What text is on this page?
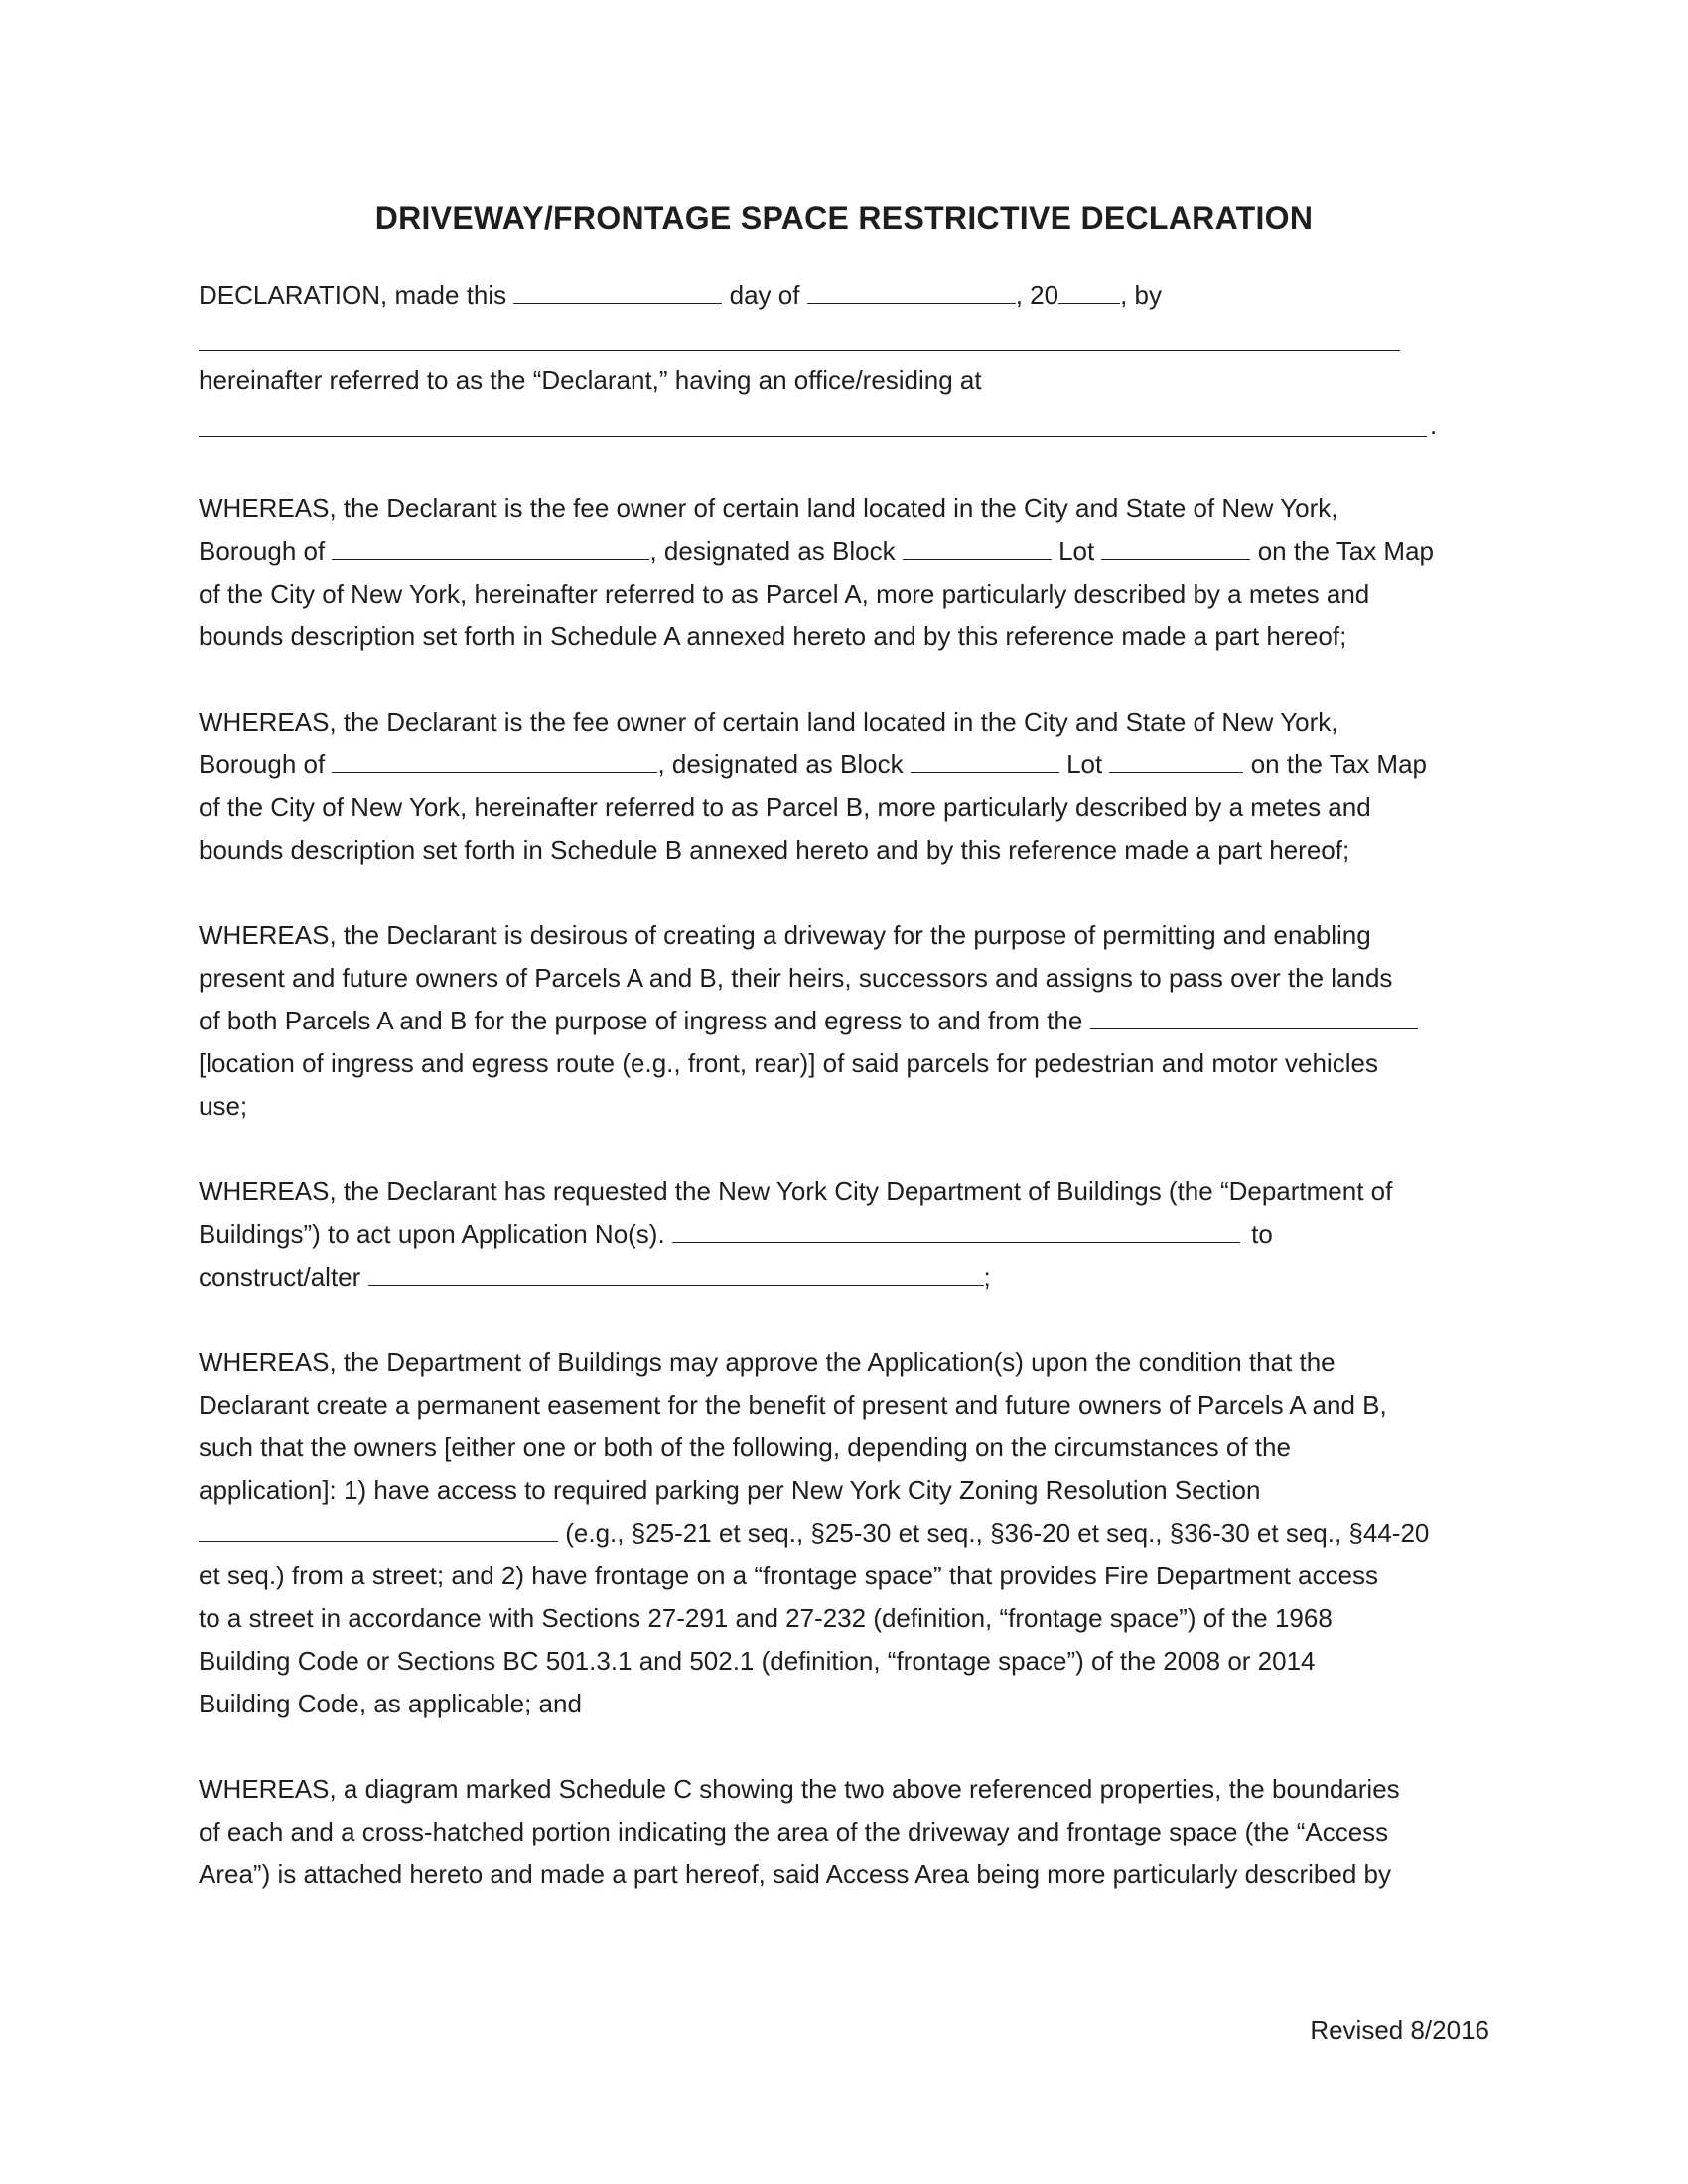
DRIVEWAY/FRONTAGE SPACE RESTRICTIVE DECLARATION
DECLARATION, made this	day of	, 20 , by
hereinafter referred to as the “Declarant,” having an office/residing at
.
WHEREAS, the Declarant is the fee owner of certain land located in the City and State of New York,
Borough of	, designated as Block	Lot	on the Tax Map
of the City of New York, hereinafter referred to as Parcel A, more particularly described by a metes and
bounds description set forth in Schedule A annexed hereto and by this reference made a part hereof;
WHEREAS, the Declarant is the fee owner of certain land located in the City and State of New York,
Borough of	, designated as Block	Lot	on the Tax Map
of the City of New York, hereinafter referred to as Parcel B, more particularly described by a metes and
bounds description set forth in Schedule B annexed hereto and by this reference made a part hereof;
WHEREAS, the Declarant is desirous of creating a driveway for the purpose of permitting and enabling
present and future owners of Parcels A and B, their heirs, successors and assigns to pass over the lands
of both Parcels A and B for the purpose of ingress and egress to and from the
[location of ingress and egress route (e.g., front, rear)] of said parcels for pedestrian and motor vehicles
use;
WHEREAS, the Declarant has requested the New York City Department of Buildings (the “Department of
Buildings”) to act upon Application No(s).	to
construct/alter	;
WHEREAS, the Department of Buildings may approve the Application(s) upon the condition that the
Declarant create a permanent easement for the benefit of present and future owners of Parcels A and B,
such that the owners [either one or both of the following, depending on the circumstances of the
application]: 1) have access to required parking per New York City Zoning Resolution Section
(e.g., §25-21 et seq., §25-30 et seq., §36-20 et seq., §36-30 et seq., §44-20
et seq.) from a street; and 2) have frontage on a “frontage space” that provides Fire Department access
to a street in accordance with Sections 27-291 and 27-232 (definition, “frontage space”) of the 1968
Building Code or Sections BC 501.3.1 and 502.1 (definition, “frontage space”) of the 2008 or 2014
Building Code, as applicable; and
WHEREAS, a diagram marked Schedule C showing the two above referenced properties, the boundaries
of each and a cross-hatched portion indicating the area of the driveway and frontage space (the “Access
Area”) is attached hereto and made a part hereof, said Access Area being more particularly described by
Revised 8/2016
